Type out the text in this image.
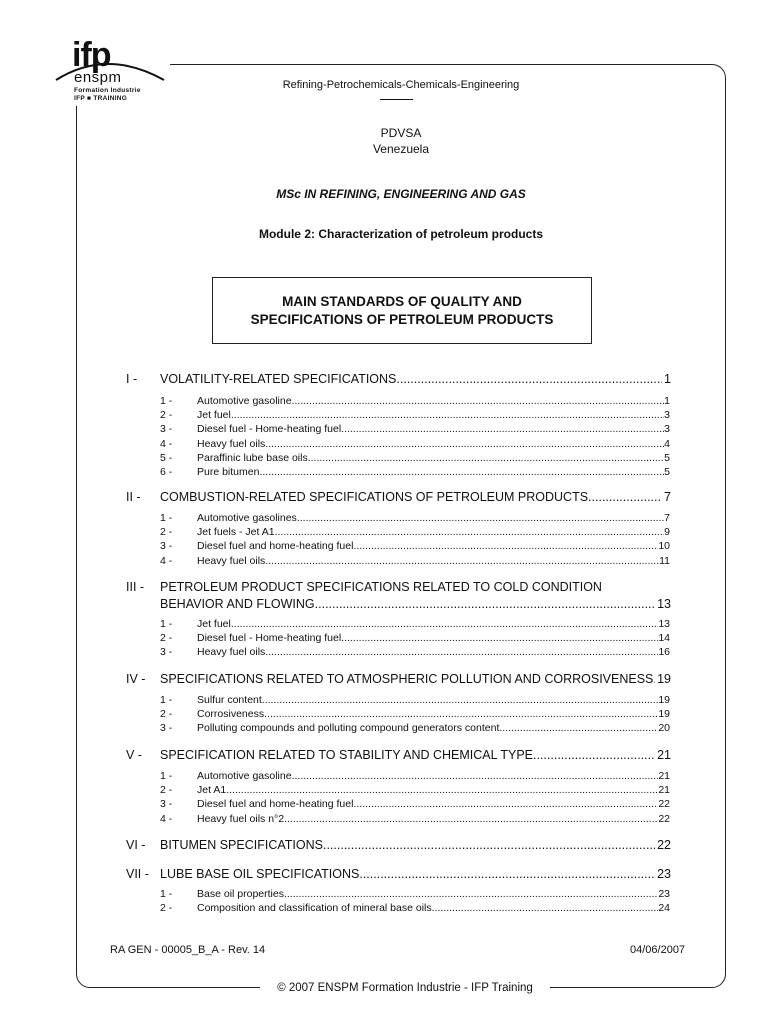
ifp
enspm
Formation Industrie
IFP ■ TRAINING
Refining-Petrochemicals-Chemicals-Engineering
PDVSA
Venezuela
MSc IN REFINING, ENGINEERING AND GAS
Module 2: Characterization of petroleum products
MAIN STANDARDS OF QUALITY AND
SPECIFICATIONS OF PETROLEUM PRODUCTS
I - VOLATILITY-RELATED SPECIFICATIONS .....	1
1 - Automotive gasoline .....	1
2 - Jet fuel .....	3
3 - Diesel fuel - Home-heating fuel .....	3
4 - Heavy fuel oils .....	4
5 - Paraffinic lube base oils .....	5
6 - Pure bitumen .....	5
II - COMBUSTION-RELATED SPECIFICATIONS OF PETROLEUM PRODUCTS .....	7
1 - Automotive gasolines .....	7
2 - Jet fuels - Jet A1 .....	9
3 - Diesel fuel and home-heating fuel .....	10
4 - Heavy fuel oils .....	11
III - PETROLEUM PRODUCT SPECIFICATIONS RELATED TO COLD CONDITION
BEHAVIOR AND FLOWING .....	13
1 - Jet fuel .....	13
2 - Diesel fuel - Home-heating fuel .....	14
3 - Heavy fuel oils .....	16
IV - SPECIFICATIONS RELATED TO ATMOSPHERIC POLLUTION AND CORROSIVENESS ..... 19
1 - Sulfur content .....	19
2 - Corrosiveness .....	19
3 - Polluting compounds and polluting compound generators content .....	20
V - SPECIFICATION RELATED TO STABILITY AND CHEMICAL TYPE .....	21
1 - Automotive gasoline .....	21
2 - Jet A1 .....	21
3 - Diesel fuel and home-heating fuel .....	22
4 - Heavy fuel oils n°2 .....	22
VI - BITUMEN SPECIFICATIONS .....	22
VII - LUBE BASE OIL SPECIFICATIONS .....	23
1 - Base oil properties .....	23
2 - Composition and classification of mineral base oils .....	24
RA GEN - 00005_B_A - Rev. 14	04/06/2007
© 2007 ENSPM Formation Industrie - IFP Training
